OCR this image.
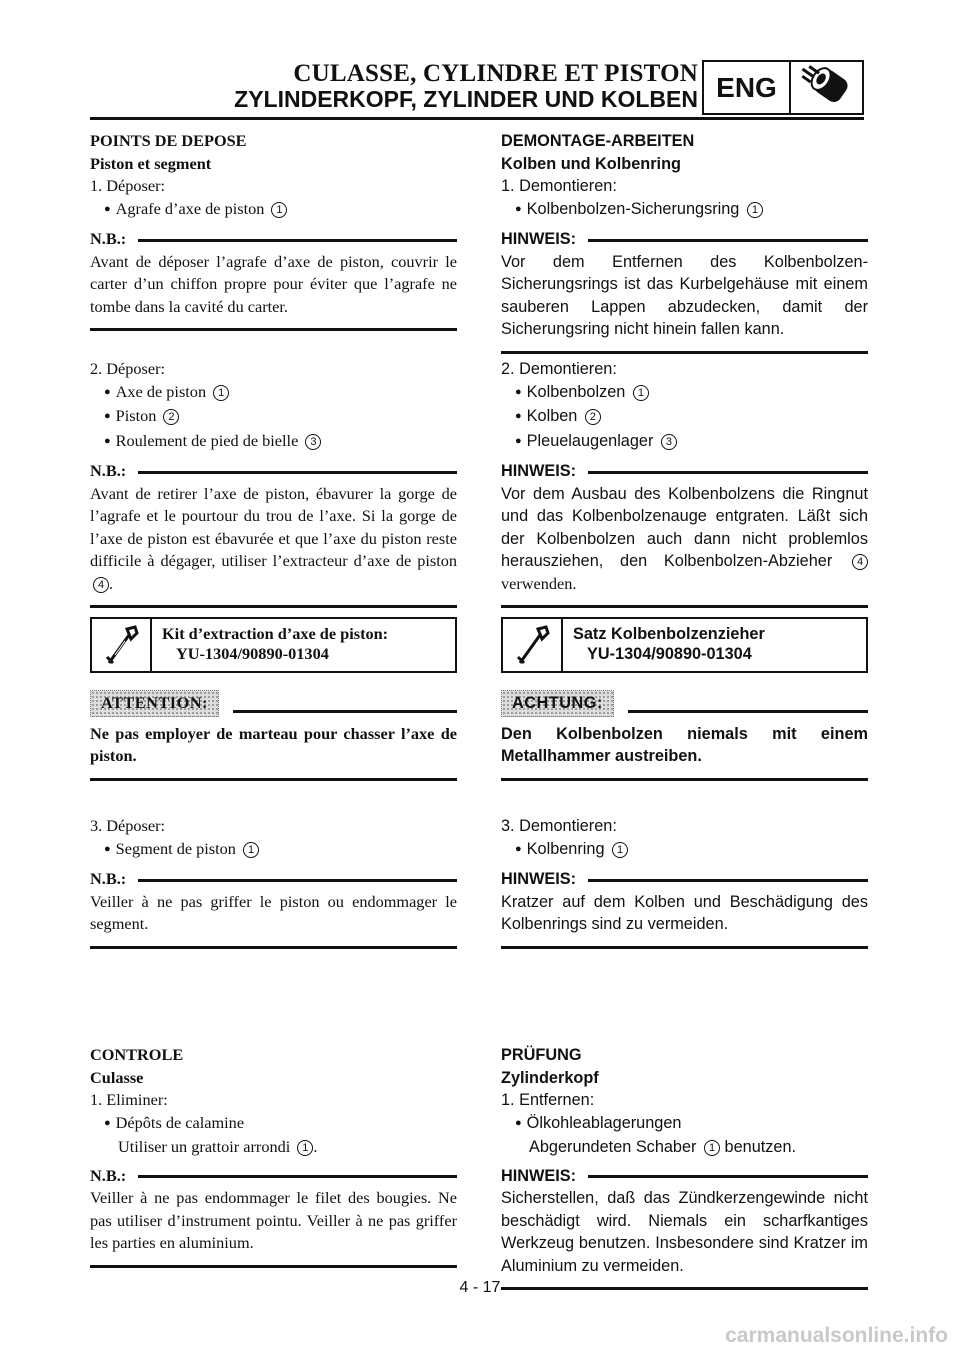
CULASSE, CYLINDRE ET PISTON
ZYLINDERKOPF, ZYLINDER UND KOLBEN ENG
POINTS DE DEPOSE
Piston et segment
1. Déposer:
● Agrafe d’axe de piston 1
N.B.:
Avant de déposer l’agrafe d’axe de piston, couvrir le carter d’un chiffon propre pour éviter que l’agrafe ne tombe dans la cavité du carter.
2. Déposer:
● Axe de piston 1
● Piston 2
● Roulement de pied de bielle 3
N.B.:
Avant de retirer l’axe de piston, ébavurer la gorge de l’agrafe et le pourtour du trou de l’axe. Si la gorge de l’axe de piston est ébavurée et que l’axe du piston reste difficile à dégager, utiliser l’extracteur d’axe de piston 4 .
Kit d’extraction d’axe de piston:
YU-1304/90890-01304
ATTENTION:
Ne pas employer de marteau pour chasser l’axe de piston.
3. Déposer:
● Segment de piston 1
N.B.:
Veiller à ne pas griffer le piston ou endommager le segment.
CONTROLE
Culasse
1. Eliminer:
● Dépôts de calamine
Utiliser un grattoir arrondi 1 .
N.B.:
Veiller à ne pas endommager le filet des bougies. Ne pas utiliser d’instrument pointu. Veiller à ne pas griffer les parties en aluminium.
DEMONTAGE-ARBEITEN
Kolben und Kolbenring
1. Demontieren:
● Kolbenbolzen-Sicherungsring 1
HINWEIS:
Vor dem Entfernen des Kolbenbolzen-Sicherungsrings ist das Kurbelgehäuse mit einem sauberen Lappen abzudecken, damit der Sicherungsring nicht hinein fallen kann.
2. Demontieren:
● Kolbenbolzen 1
● Kolben 2
● Pleuelaugenlager 3
HINWEIS:
Vor dem Ausbau des Kolbenbolzens die Ringnut und das Kolbenbolzenauge entgraten. Läßt sich der Kolbenbolzen auch dann nicht problemlos herausziehen, den Kolbenbolzen-Abzieher 4 verwenden.
Satz Kolbenbolzenzieher
YU-1304/90890-01304
ACHTUNG:
Den Kolbenbolzen niemals mit einem Metallhammer austreiben.
3. Demontieren:
● Kolbenring 1
HINWEIS:
Kratzer auf dem Kolben und Beschädigung des Kolbenrings sind zu vermeiden.
PRÜFUNG
Zylinderkopf
1. Entfernen:
● Ölkohleablagerungen
Abgerundeten Schaber 1 benutzen.
HINWEIS:
Sicherstellen, daß das Zündkerzengewinde nicht beschädigt wird. Niemals ein scharfkantiges Werkzeug benutzen. Insbesondere sind Kratzer im Aluminium zu vermeiden.
4 - 17
carmanualsonline.info
